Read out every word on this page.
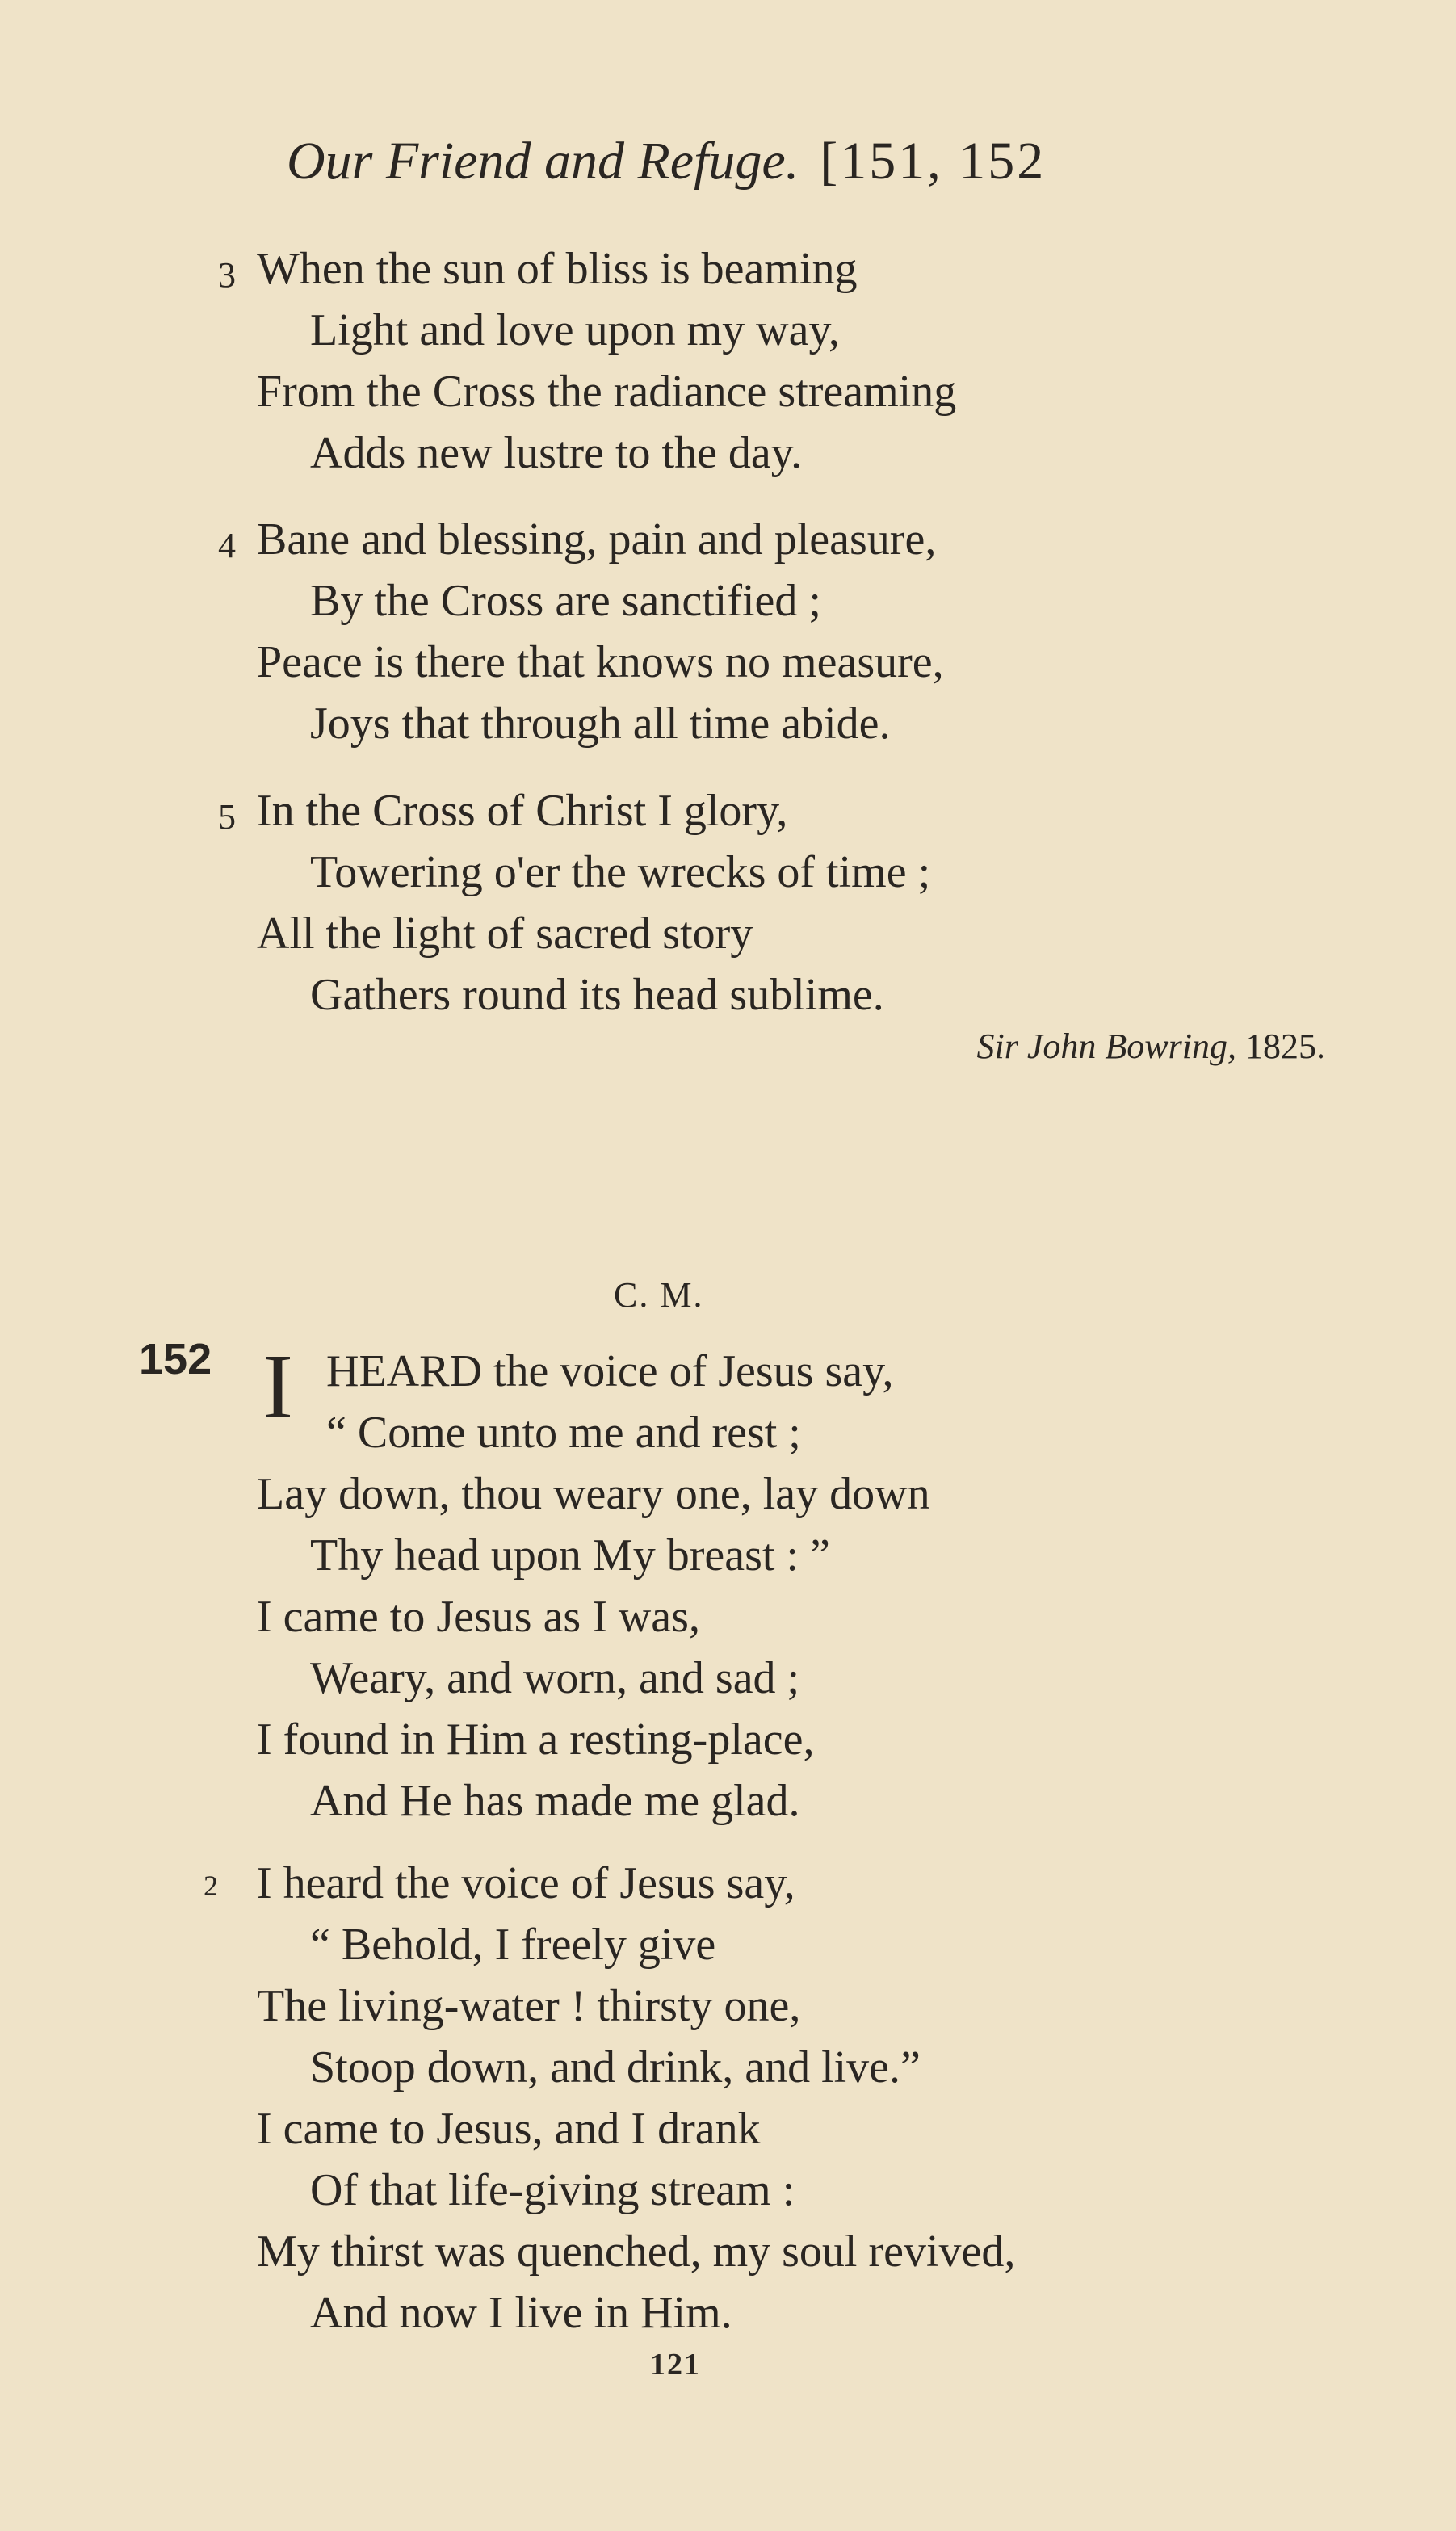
Our Friend and Refuge. [151, 152
3 When the sun of bliss is beaming
Light and love upon my way,
From the Cross the radiance streaming
Adds new lustre to the day.
4 Bane and blessing, pain and pleasure,
By the Cross are sanctified ;
Peace is there that knows no measure,
Joys that through all time abide.
5 In the Cross of Christ I glory,
Towering o'er the wrecks of time ;
All the light of sacred story
Gathers round its head sublime.
Sir John Bowring, 1825.
C. M.
152 I HEARD the voice of Jesus say,
“ Come unto me and rest ;
Lay down, thou weary one, lay down
Thy head upon My breast : ”
I came to Jesus as I was,
Weary, and worn, and sad ;
I found in Him a resting-place,
And He has made me glad.
2 I heard the voice of Jesus say,
“ Behold, I freely give
The living-water ! thirsty one,
Stoop down, and drink, and live.”
I came to Jesus, and I drank
Of that life-giving stream :
My thirst was quenched, my soul revived,
And now I live in Him.
121
